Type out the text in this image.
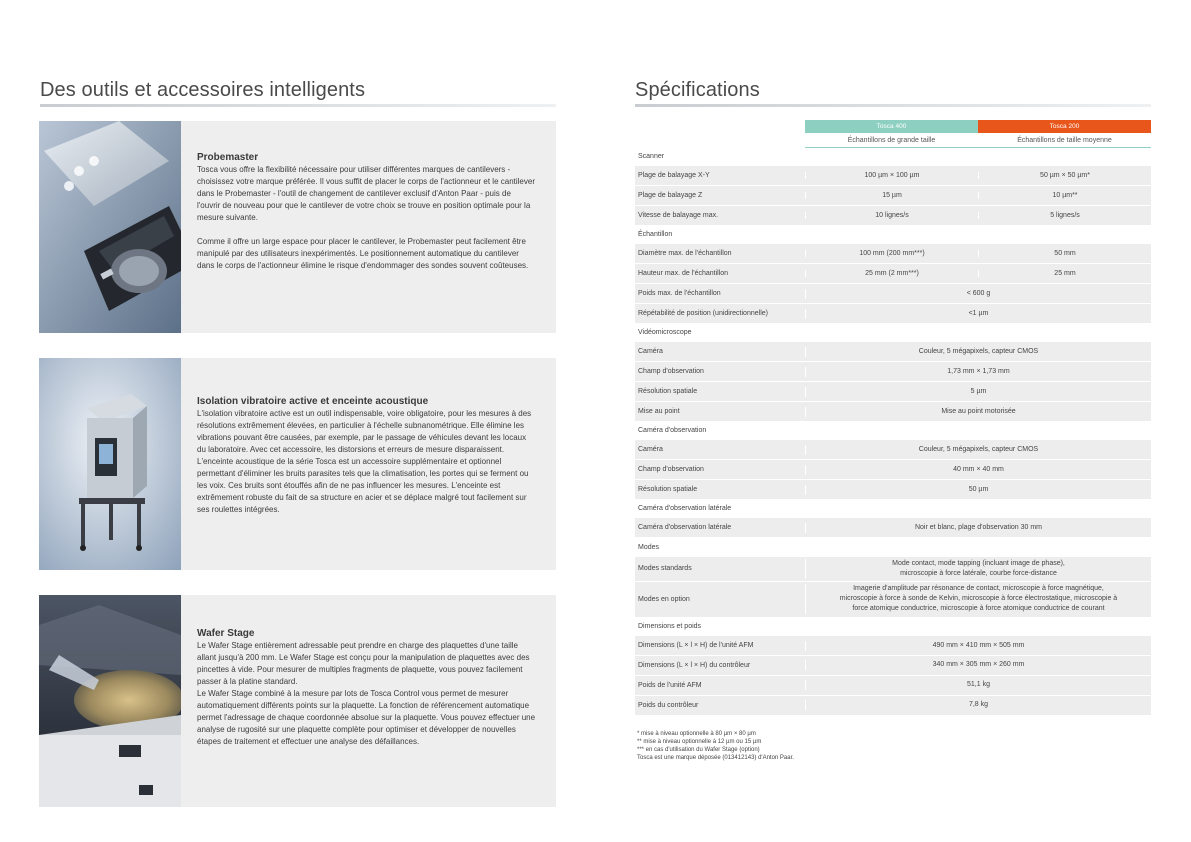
Des outils et accessoires intelligents
Probemaster

Tosca vous offre la flexibilité nécessaire pour utiliser différentes marques de cantilevers - choisissez votre marque préférée. Il vous suffit de placer le corps de l'actionneur et le cantilever dans le Probemaster - l'outil de changement de cantilever exclusif d'Anton Paar - puis de l'ouvrir de nouveau pour que le cantilever de votre choix se trouve en position optimale pour la mesure suivante.

Comme il offre un large espace pour placer le cantilever, le Probemaster peut facilement être manipulé par des utilisateurs inexpérimentés. Le positionnement automatique du cantilever dans le corps de l'actionneur élimine le risque d'endommager des sondes souvent coûteuses.

Isolation vibratoire active et enceinte acoustique

L'isolation vibratoire active est un outil indispensable, voire obligatoire, pour les mesures à des résolutions extrêmement élevées, en particulier à l'échelle subnanométrique. Elle élimine les vibrations pouvant être causées, par exemple, par le passage de véhicules devant les locaux du laboratoire. Avec cet accessoire, les distorsions et erreurs de mesure disparaissent. L'enceinte acoustique de la série Tosca est un accessoire supplémentaire et optionnel permettant d'éliminer les bruits parasites tels que la climatisation, les portes qui se ferment ou les voix. Ces bruits sont étouffés afin de ne pas influencer les mesures. L'enceinte est extrêmement robuste du fait de sa structure en acier et se déplace malgré tout facilement sur ses roulettes intégrées.

Wafer Stage

Le Wafer Stage entièrement adressable peut prendre en charge des plaquettes d'une taille allant jusqu'à 200 mm. Le Wafer Stage est conçu pour la manipulation de plaquettes avec des pincettes à vide. Pour mesurer de multiples fragments de plaquette, vous pouvez facilement passer à la platine standard.
Le Wafer Stage combiné à la mesure par lots de Tosca Control vous permet de mesurer automatiquement différents points sur la plaquette. La fonction de référencement automatique permet l'adressage de chaque coordonnée absolue sur la plaquette. Vous pouvez effectuer une analyse de rugosité sur une plaquette complète pour optimiser et développer de nouvelles étapes de traitement et effectuer une analyse des défaillances.

Spécifications
Tosca 400	Tosca 200
Échantillons de grande taille	Échantillons de taille moyenne
Scanner
Plage de balayage X-Y	100 µm × 100 µm	50 µm × 50 µm*
Plage de balayage Z	15 µm	10 µm**
Vitesse de balayage max.	10 lignes/s	5 lignes/s
Échantillon
Diamètre max. de l'échantillon	100 mm (200 mm***)	50 mm
Hauteur max. de l'échantillon	25 mm (2 mm***)	25 mm
Poids max. de l'échantillon	< 600 g
Répétabilité de position (unidirectionnelle)	<1 µm
Vidéomicroscope
Caméra	Couleur, 5 mégapixels, capteur CMOS
Champ d'observation	1,73 mm × 1,73 mm
Résolution spatiale	5 µm
Mise au point	Mise au point motorisée
Caméra d'observation
Caméra	Couleur, 5 mégapixels, capteur CMOS
Champ d'observation	40 mm × 40 mm
Résolution spatiale	50 µm
Caméra d'observation latérale
Caméra d'observation latérale	Noir et blanc, plage d'observation 30 mm
Modes
Modes standards
Mode contact, mode tapping (incluant image de phase),
microscopie à force latérale, courbe force-distance
Modes en option
Imagerie d'amplitude par résonance de contact, microscopie à force magnétique,
microscopie à force à sonde de Kelvin, microscopie à force électrostatique, microscopie à
force atomique conductrice, microscopie à force atomique conductrice de courant
Dimensions et poids
Dimensions (L × l × H) de l'unité AFM	490 mm × 410 mm × 505 mm
Dimensions (L × l × H) du contrôleur	340 mm × 305 mm × 260 mm
Poids de l'unité AFM	51,1 kg
Poids du contrôleur	7,8 kg
* mise à niveau optionnelle à 80 µm × 80 µm
** mise à niveau optionnelle à 12 µm ou 15 µm
*** en cas d'utilisation du Wafer Stage (option)
Tosca est une marque déposée (013412143) d'Anton Paar.
